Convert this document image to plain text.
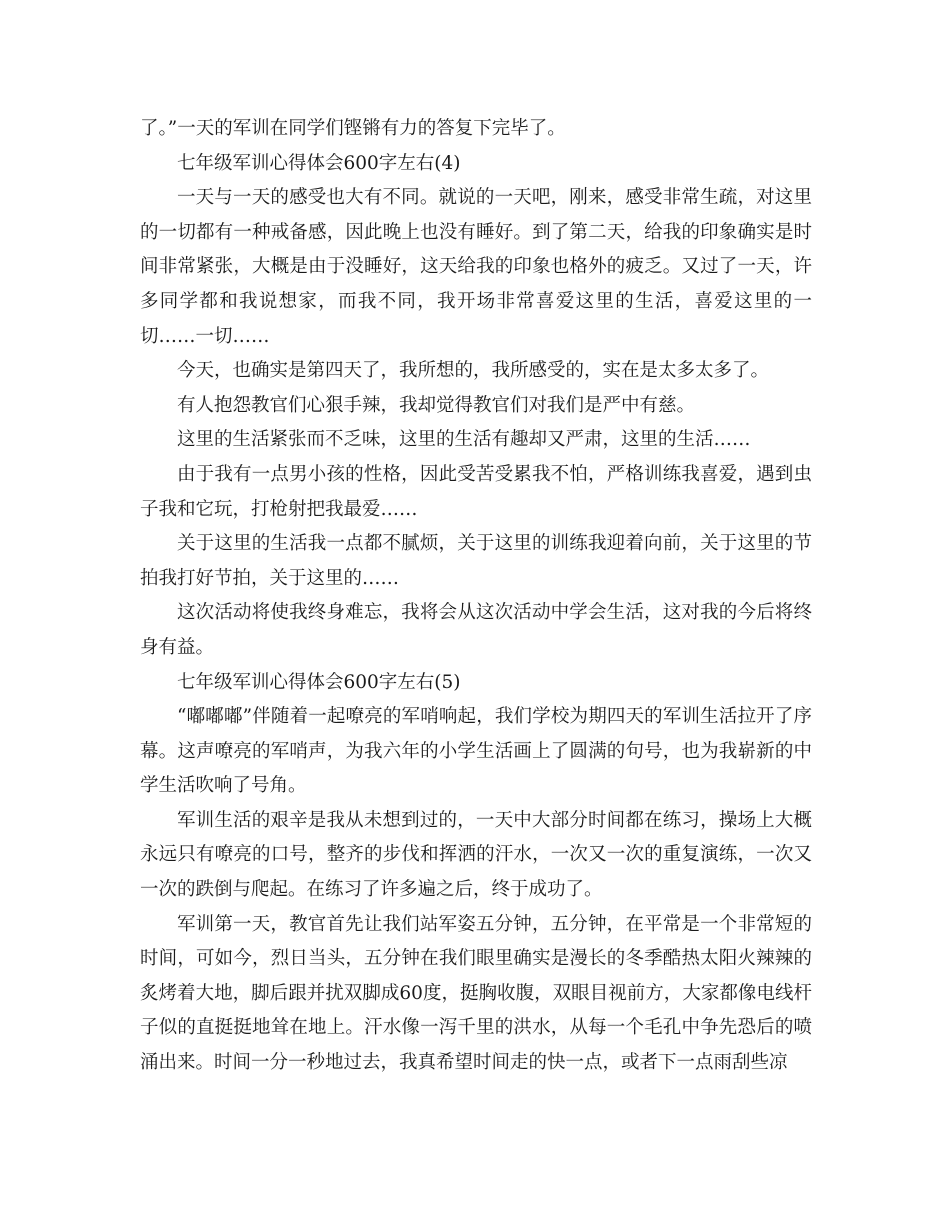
了。”一天的军训在同学们铿锵有力的答复下完毕了。

七年级军训心得体会600字左右(4)

一天与一天的感受也大有不同。就说的一天吧，刚来，感受非常生疏，对这里的一切都有一种戒备感，因此晚上也没有睡好。到了第二天，给我的印象确实是时间非常紧张，大概是由于没睡好，这天给我的印象也格外的疲乏。又过了一天，许多同学都和我说想家，而我不同，我开场非常喜爱这里的生活，喜爱这里的一切……一切……

今天，也确实是第四天了，我所想的，我所感受的，实在是太多太多了。

有人抱怨教官们心狠手辣，我却觉得教官们对我们是严中有慈。

这里的生活紧张而不乏味，这里的生活有趣却又严肃，这里的生活……

由于我有一点男小孩的性格，因此受苦受累我不怕，严格训练我喜爱，遇到虫子我和它玩，打枪射把我最爱……

关于这里的生活我一点都不腻烦，关于这里的训练我迎着向前，关于这里的节拍我打好节拍，关于这里的……

这次活动将使我终身难忘，我将会从这次活动中学会生活，这对我的今后将终身有益。

七年级军训心得体会600字左右(5)

“嘟嘟嘟”伴随着一起嘹亮的军哨响起，我们学校为期四天的军训生活拉开了序幕。这声嘹亮的军哨声，为我六年的小学生活画上了圆满的句号，也为我崭新的中学生活吹响了号角。

军训生活的艰辛是我从未想到过的，一天中大部分时间都在练习，操场上大概永远只有嘹亮的口号，整齐的步伐和挥洒的汗水，一次又一次的重复演练，一次又一次的跌倒与爬起。在练习了许多遍之后，终于成功了。

军训第一天，教官首先让我们站军姿五分钟，五分钟，在平常是一个非常短的时间，可如今，烈日当头，五分钟在我们眼里确实是漫长的冬季酷热太阳火辣辣的炙烤着大地，脚后跟并扰双脚成60度，挺胸收腹，双眼目视前方，大家都像电线杆子似的直挺挺地耸在地上。汗水像一泻千里的洪水，从每一个毛孔中争先恐后的喷涌出来。时间一分一秒地过去，我真希望时间走的快一点，或者下一点雨刮些凉
